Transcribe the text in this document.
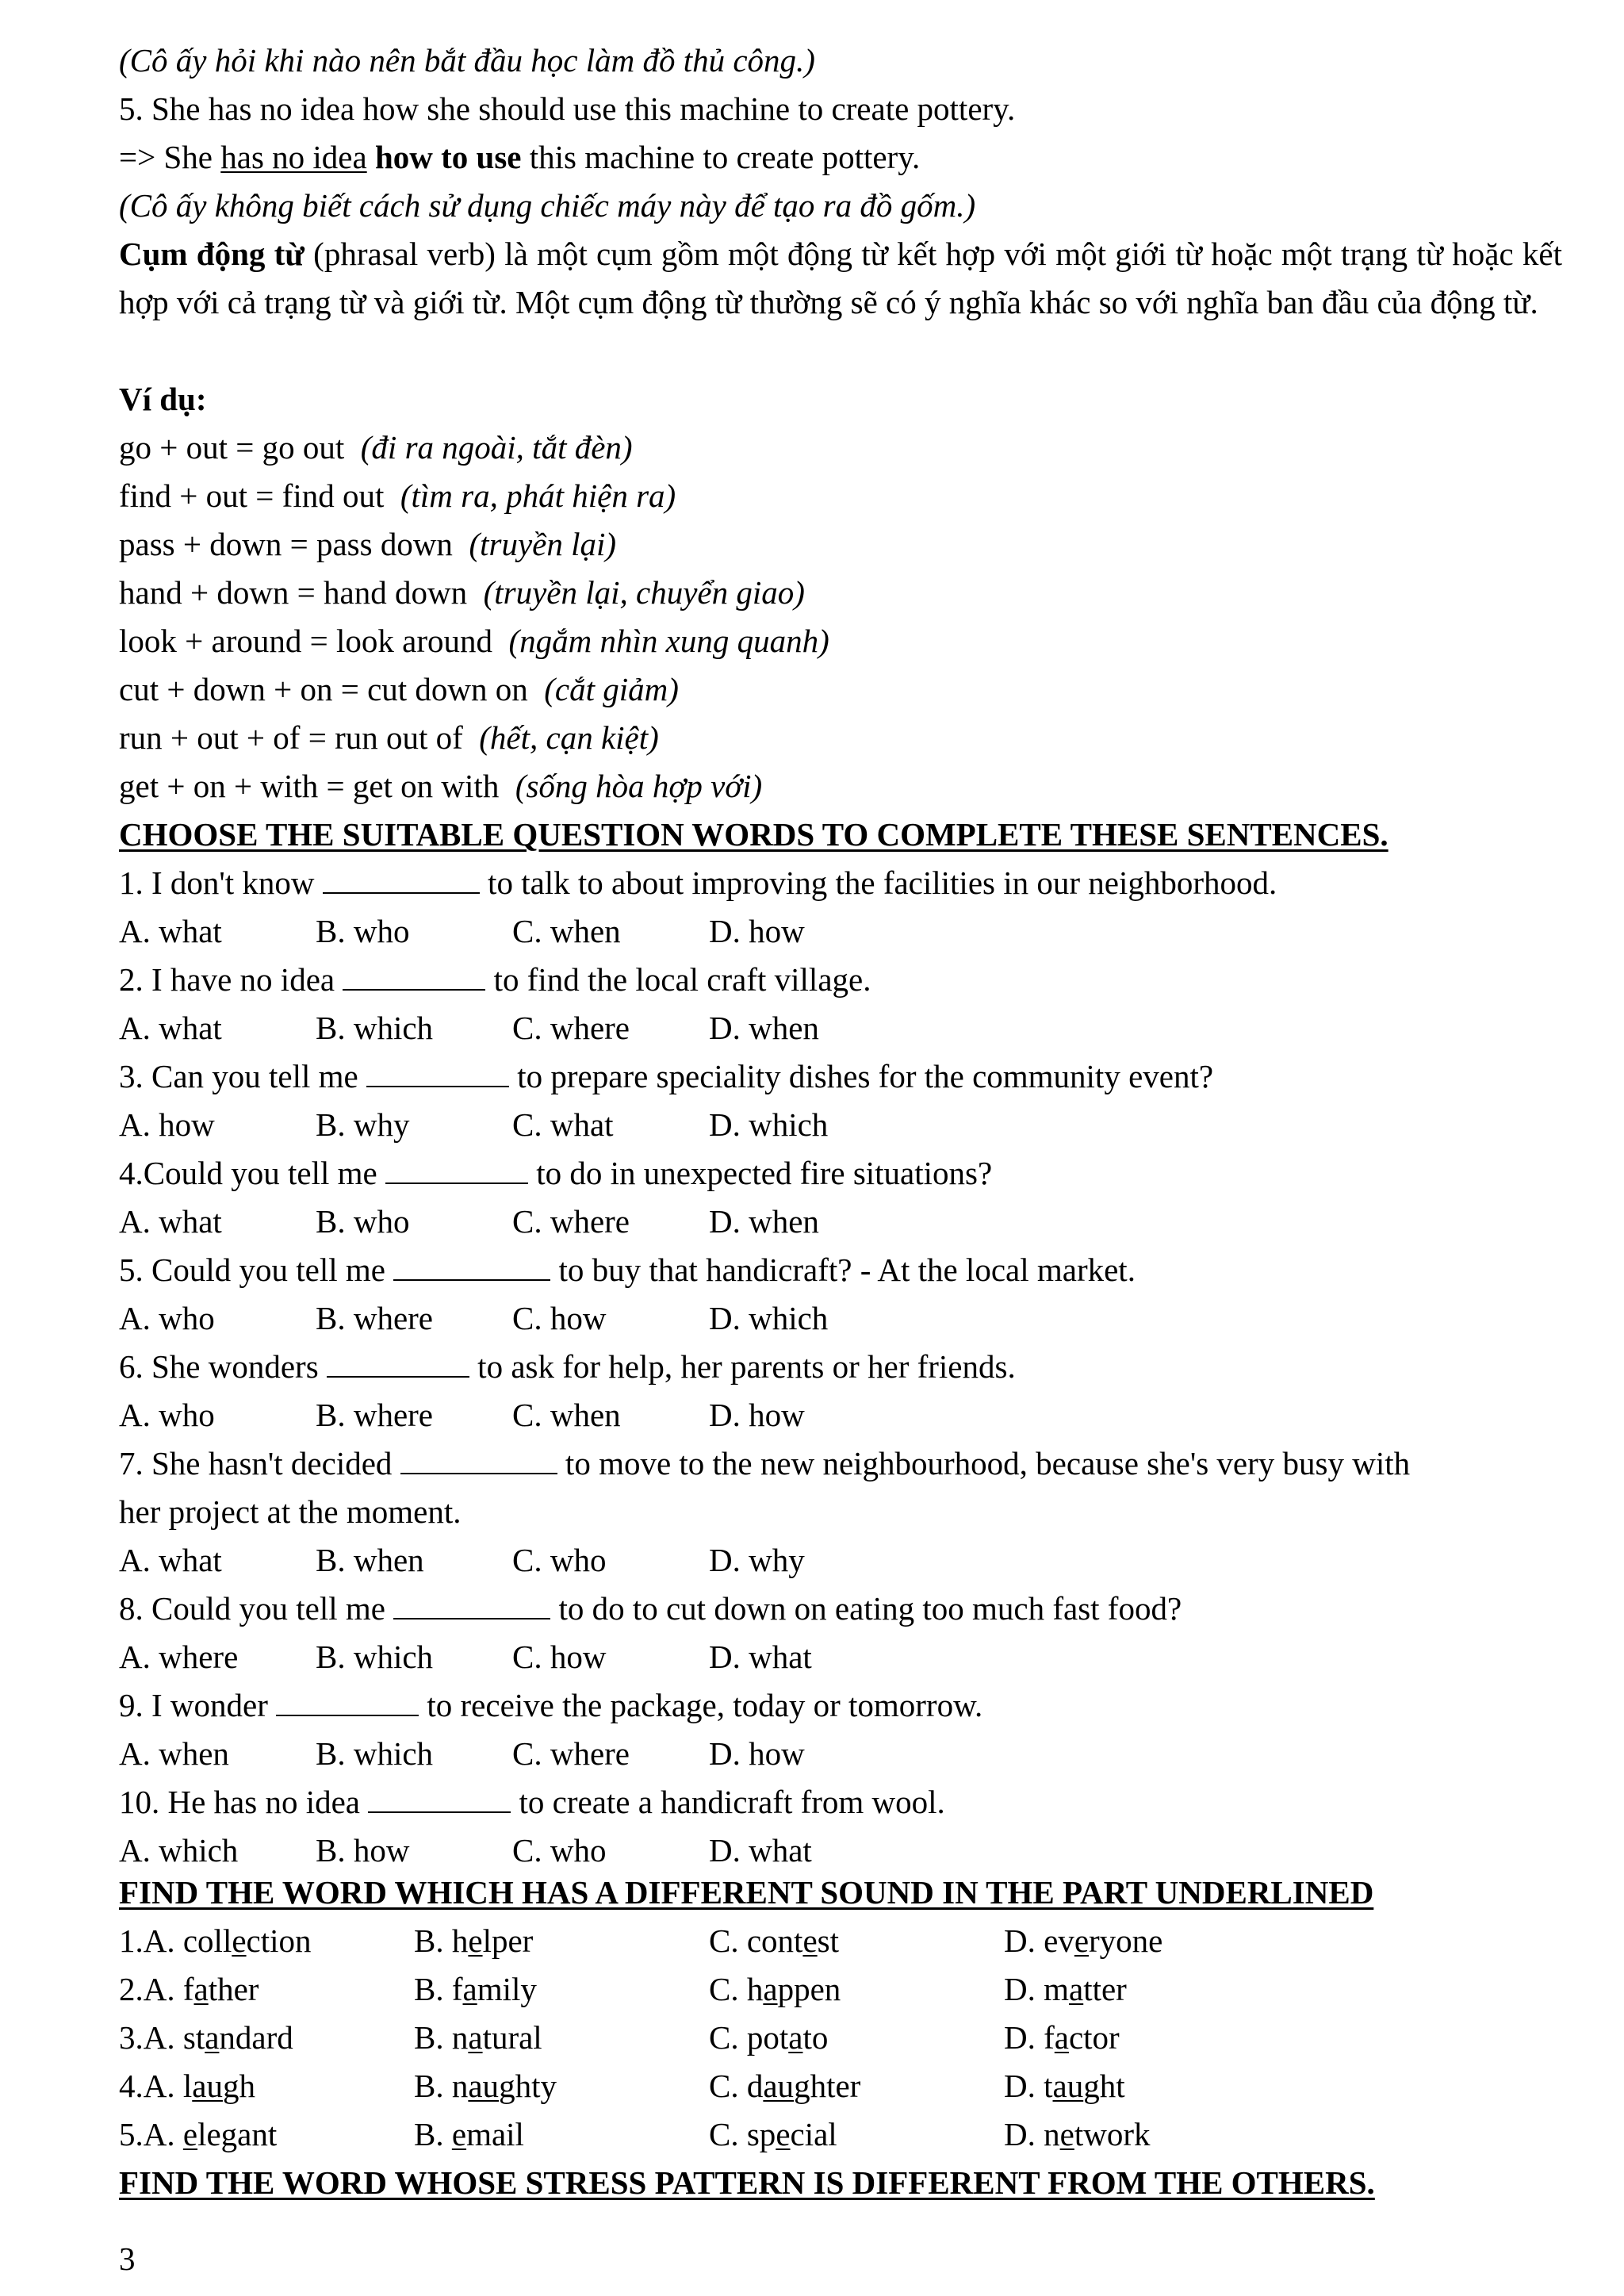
(Cô ấy hỏi khi nào nên bắt đầu học làm đồ thủ công.)
5. She has no idea how she should use this machine to create pottery.
=> She has no idea how to use this machine to create pottery.
(Cô ấy không biết cách sử dụng chiếc máy này để tạo ra đồ gốm.)
Cụm động từ (phrasal verb) là một cụm gồm một động từ kết hợp với một giới từ hoặc một trạng từ hoặc kết hợp với cả trạng từ và giới từ. Một cụm động từ thường sẽ có ý nghĩa khác so với nghĩa ban đầu của động từ.
Ví dụ:
go + out = go out (đi ra ngoài, tắt đèn)
find + out = find out (tìm ra, phát hiện ra)
pass + down = pass down (truyền lại)
hand + down = hand down (truyền lại, chuyển giao)
look + around = look around (ngắm nhìn xung quanh)
cut + down + on = cut down on (cắt giảm)
run + out + of = run out of (hết, cạn kiệt)
get + on + with = get on with (sống hòa hợp với)
CHOOSE THE SUITABLE QUESTION WORDS TO COMPLETE THESE SENTENCES.
1. I don't know	to talk to about improving the facilities in our neighborhood.
A. what	B. who	C. when	D. how
2. I have no idea	to find the local craft village.
A. what	B. which C. where D. when
3. Can you tell me	to prepare speciality dishes for the community event?
A. how	B. why	C. what	D. which
4.Could you tell me	to do in unexpected fire situations?
A. what	B. who	C. where D. when
5. Could you tell me	to buy that handicraft? - At the local market.
A. who	B. where C. how	D. which
6. She wonders	to ask for help, her parents or her friends.
A. who	B. where C. when	D. how
7. She hasn't decided	to move to the new neighbourhood, because she's very busy with
her project at the moment.
A. what	B. when	C. who	D. why
8. Could you tell me	to do to cut down on eating too much fast food?
A. where B. which C. how	D. what
9. I wonder	to receive the package, today or tomorrow.
A. when	B. which C. where D. how
10. He has no idea	to create a handicraft from wool.
A. which B. how	C. who	D. what
FIND THE WORD WHICH HAS A DIFFERENT SOUND IN THE PART UNDERLINED
1.A. collection	B. helper	C. contest	D. everyone
2.A. father	B. family	C. happen	D. matter
3.A. standard	B. natural	C. potato	D. factor
4.A. laugh	B. naughty	C. daughter	D. taught
5.A. elegant	B. email	C. special	D. network
FIND THE WORD WHOSE STRESS PATTERN IS DIFFERENT FROM THE OTHERS.
3
